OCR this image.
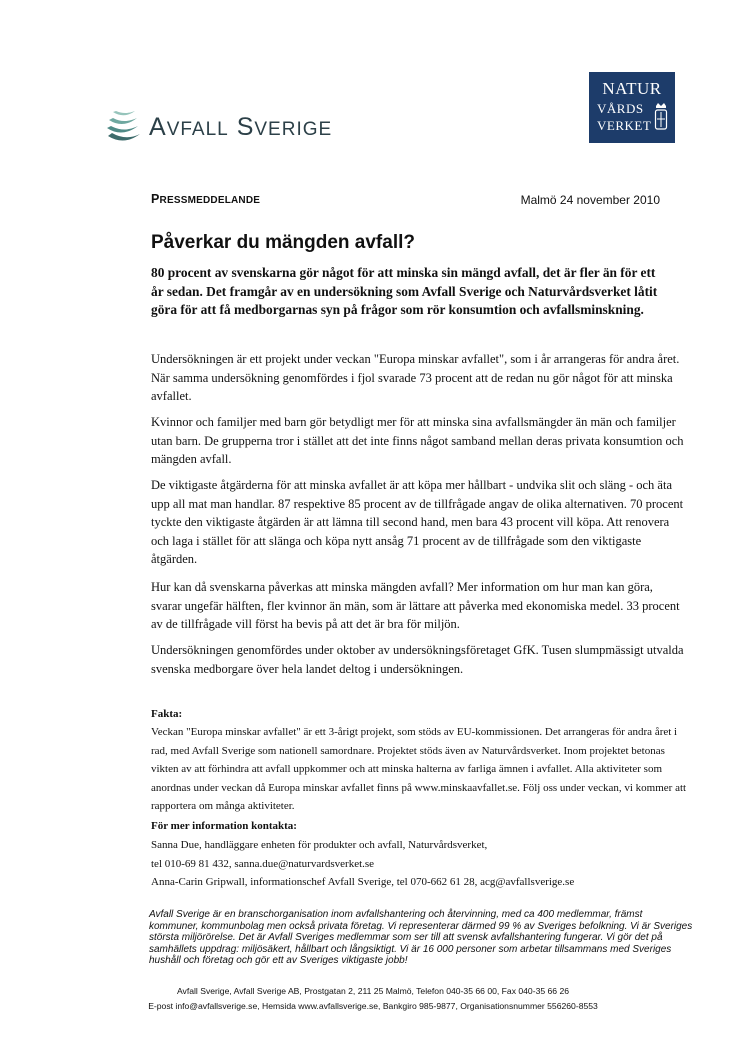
AVFALL SVERIGE
NATUR
VÅRDS
VERKET
PRESSMEDDELANDE	Malmö 24 november 2010
Påverkar du mängden avfall?
80 procent av svenskarna gör något för att minska sin mängd avfall, det är fler än för ett år sedan. Det framgår av en undersökning som Avfall Sverige och Naturvårdsverket låtit göra för att få medborgarnas syn på frågor som rör konsumtion och avfallsminskning.
Undersökningen är ett projekt under veckan "Europa minskar avfallet", som i år arrangeras för andra året. När samma undersökning genomfördes i fjol svarade 73 procent att de redan nu gör något för att minska avfallet.
Kvinnor och familjer med barn gör betydligt mer för att minska sina avfallsmängder än män och familjer utan barn. De grupperna tror i stället att det inte finns något samband mellan deras privata konsumtion och mängden avfall.
De viktigaste åtgärderna för att minska avfallet är att köpa mer hållbart - undvika slit och släng - och äta upp all mat man handlar. 87 respektive 85 procent av de tillfrågade angav de olika alternativen. 70 procent tyckte den viktigaste åtgärden är att lämna till second hand, men bara 43 procent vill köpa. Att renovera och laga i stället för att slänga och köpa nytt ansåg 71 procent av de tillfrågade som den viktigaste åtgärden.
Hur kan då svenskarna påverkas att minska mängden avfall? Mer information om hur man kan göra, svarar ungefär hälften, fler kvinnor än män, som är lättare att påverka med ekonomiska medel. 33 procent av de tillfrågade vill först ha bevis på att det är bra för miljön.
Undersökningen genomfördes under oktober av undersökningsföretaget GfK. Tusen slumpmässigt utvalda svenska medborgare över hela landet deltog i undersökningen.
Fakta:
Veckan "Europa minskar avfallet" är ett 3-årigt projekt, som stöds av EU-kommissionen. Det arrangeras för andra året i rad, med Avfall Sverige som nationell samordnare. Projektet stöds även av Naturvårdsverket. Inom projektet betonas vikten av att förhindra att avfall uppkommer och att minska halterna av farliga ämnen i avfallet. Alla aktiviteter som anordnas under veckan då Europa minskar avfallet finns på www.minskaavfallet.se. Följ oss under veckan, vi kommer att rapportera om många aktiviteter.
För mer information kontakta:
Sanna Due, handläggare enheten för produkter och avfall, Naturvårdsverket,
tel 010-69 81 432, sanna.due@naturvardsverket.se
Anna-Carin Gripwall, informationschef Avfall Sverige, tel 070-662 61 28, acg@avfallsverige.se
Avfall Sverige är en branschorganisation inom avfallshantering och återvinning, med ca 400 medlemmar, främst kommuner, kommunbolag men också privata företag. Vi representerar därmed 99 % av Sveriges befolkning. Vi är Sveriges största miljörörelse. Det är Avfall Sveriges medlemmar som ser till att svensk avfallshantering fungerar. Vi gör det på samhällets uppdrag: miljösäkert, hållbart och långsiktigt. Vi är 16 000 personer som arbetar tillsammans med Sveriges hushåll och företag och gör ett av Sveriges viktigaste jobb!
Avfall Sverige, Avfall Sverige AB, Prostgatan 2, 211 25 Malmö, Telefon 040-35 66 00, Fax 040-35 66 26
E-post info@avfallsverige.se, Hemsida www.avfallsverige.se, Bankgiro 985-9877, Organisationsnummer 556260-8553
